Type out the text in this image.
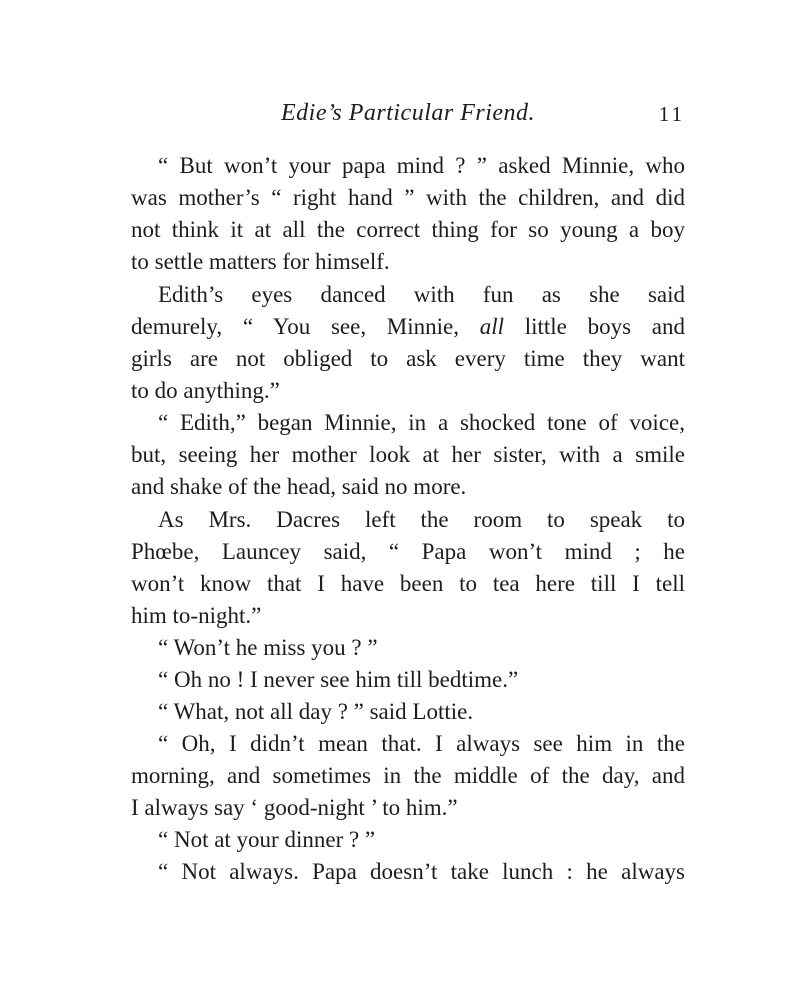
Edie’s Particular Friend.	11
“ But won’t your papa mind ? ” asked Minnie, who
was mother’s “ right hand ” with the children, and did
not think it at all the correct thing for so young a boy
to settle matters for himself.
Edith’s eyes danced with fun as she said
demurely, “ You see, Minnie, all little boys and
girls are not obliged to ask every time they want
to do anything.”
“ Edith,” began Minnie, in a shocked tone of voice,
but, seeing her mother look at her sister, with a smile
and shake of the head, said no more.
As Mrs. Dacres left the room to speak to
Phœbe, Launcey said, “ Papa won’t mind ; he
won’t know that I have been to tea here till I tell
him to-night.”
“ Won’t he miss you ? ”
“ Oh no ! I never see him till bedtime.”
“ What, not all day ? ” said Lottie.
“ Oh, I didn’t mean that. I always see him in the
morning, and sometimes in the middle of the day, and
I always say ‘ good-night ’ to him.”
“ Not at your dinner ? ”
“ Not always. Papa doesn’t take lunch : he always
